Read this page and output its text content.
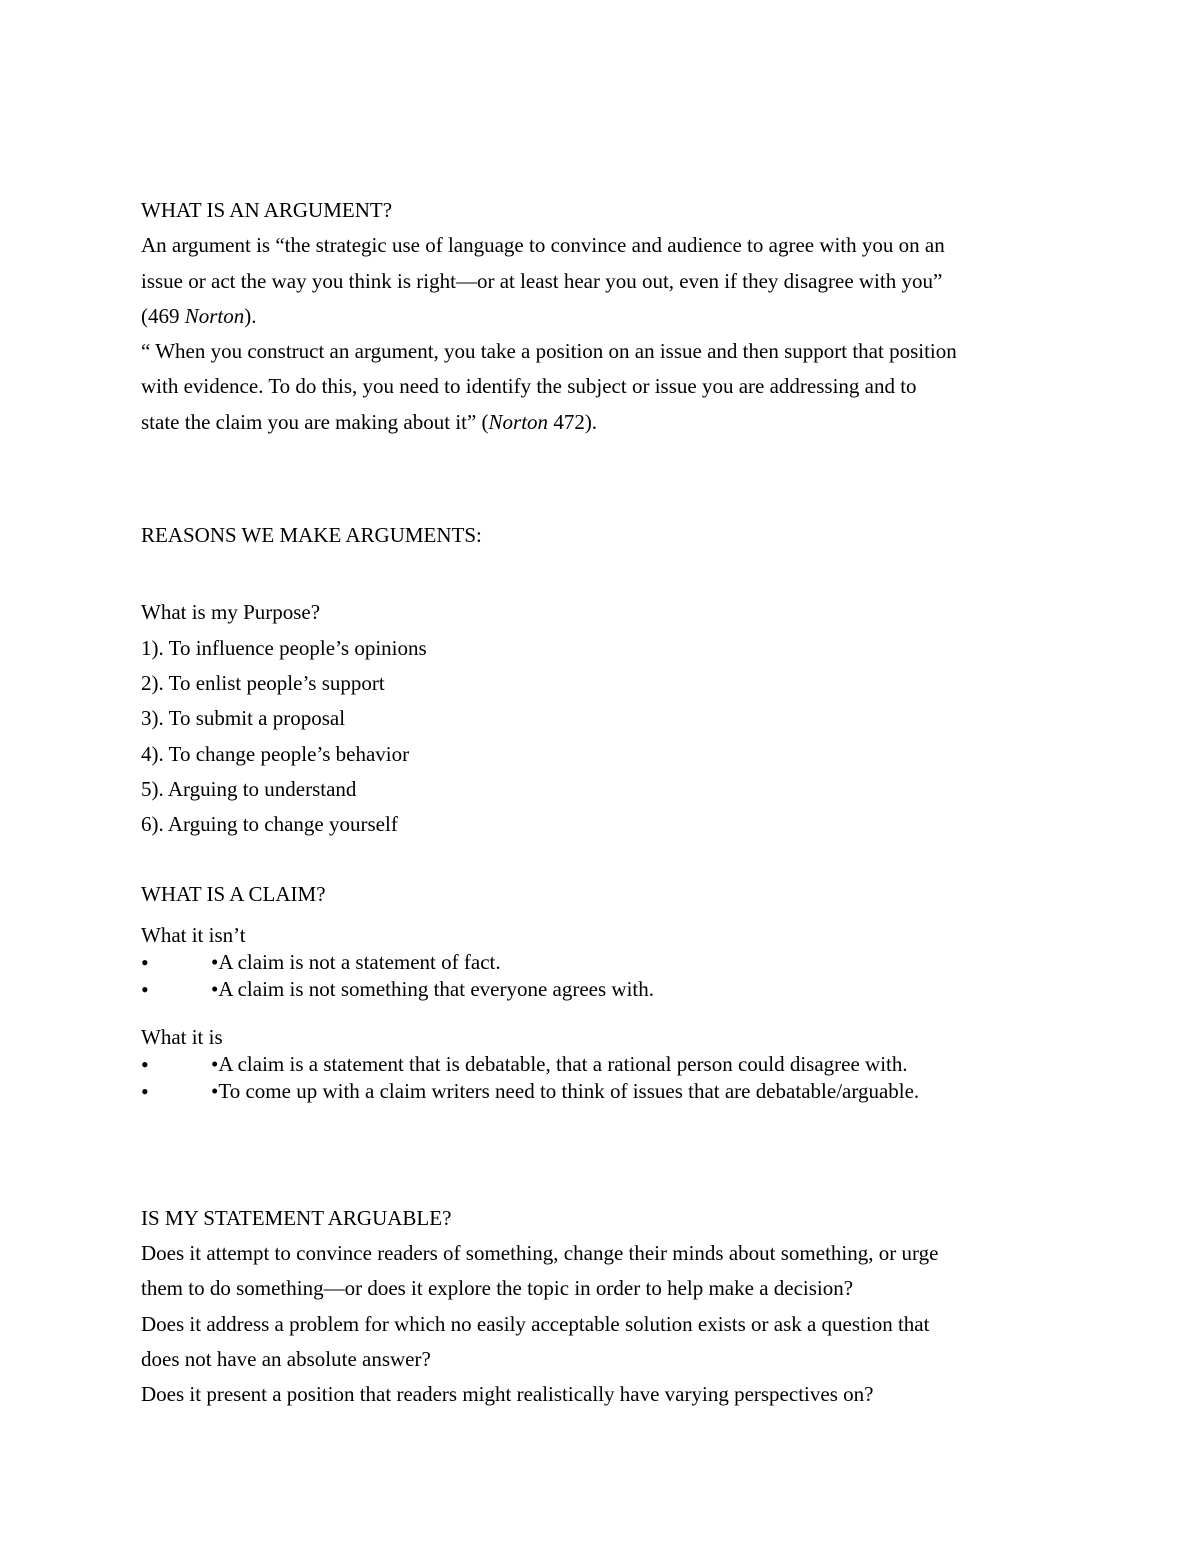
WHAT IS AN ARGUMENT?
An argument is “the strategic use of language to convince and audience to agree with you on an
issue or act the way you think is right—or at least hear you out, even if they disagree with you”
(469 Norton).
“ When you construct an argument, you take a position on an issue and then support that position
with evidence. To do this, you need to identify the subject or issue you are addressing and to
state the claim you are making about it” (Norton 472).
REASONS WE MAKE ARGUMENTS:
What is my Purpose?
1). To influence people’s opinions
2). To enlist people’s support
3). To submit a proposal
4). To change people’s behavior
5). Arguing to understand
6). Arguing to change yourself
WHAT IS A CLAIM?
What it isn’t
•	•A claim is not a statement of fact.
•	•A claim is not something that everyone agrees with.
What it is
•	•A claim is a statement that is debatable, that a rational person could disagree with.
•	•To come up with a claim writers need to think of issues that are debatable/arguable.
IS MY STATEMENT ARGUABLE?
Does it attempt to convince readers of something, change their minds about something, or urge
them to do something—or does it explore the topic in order to help make a decision?
Does it address a problem for which no easily acceptable solution exists or ask a question that
does not have an absolute answer?
Does it present a position that readers might realistically have varying perspectives on?
